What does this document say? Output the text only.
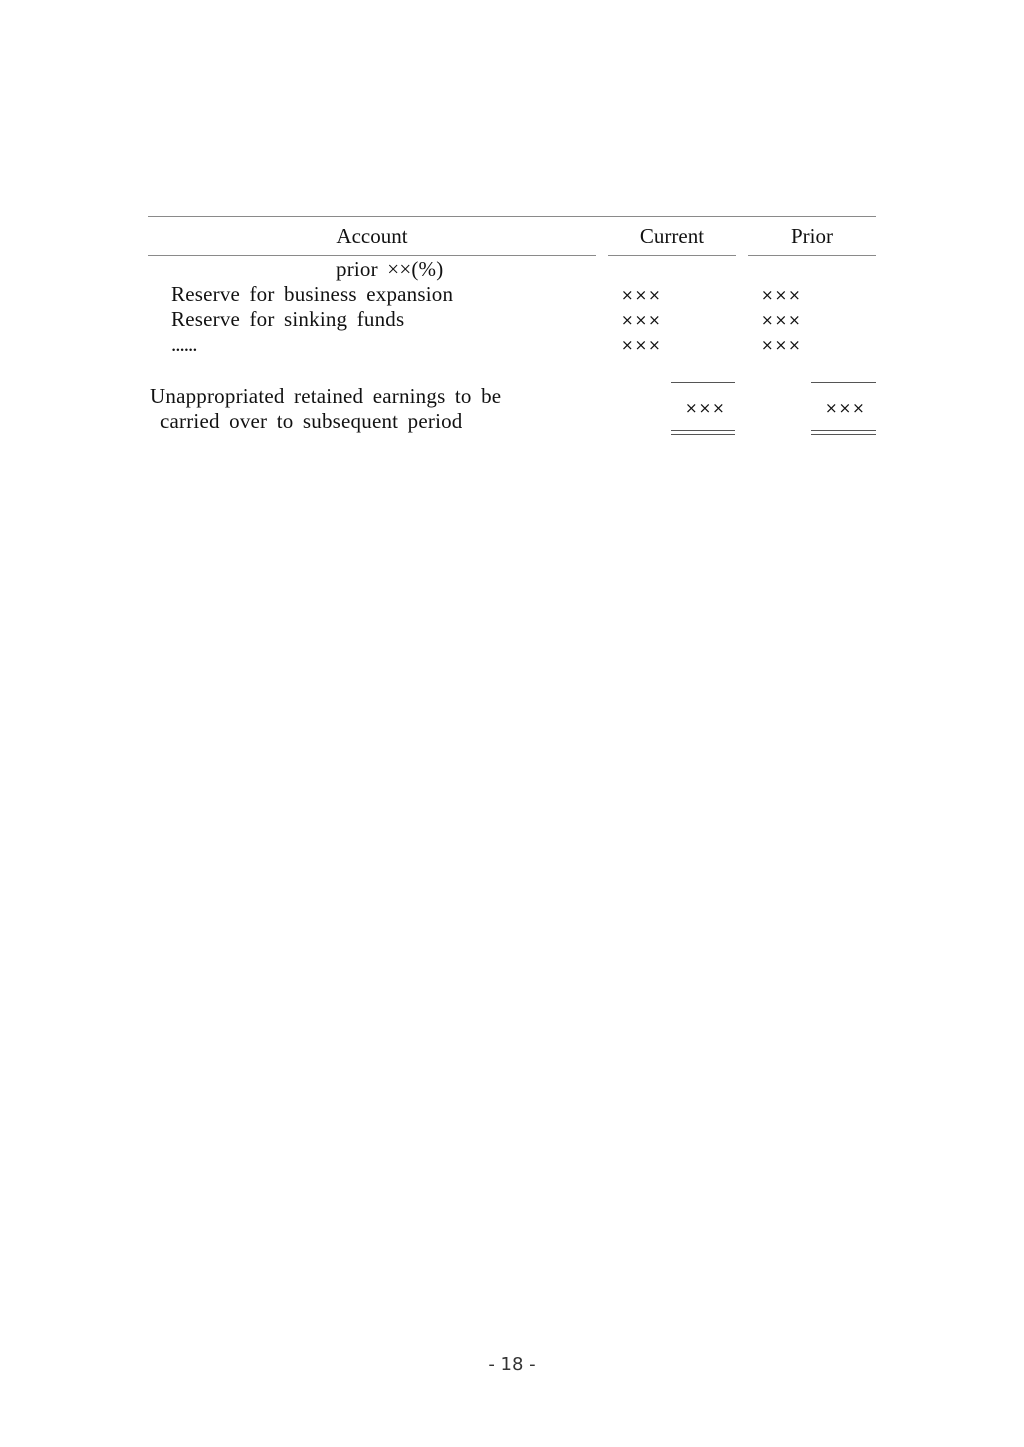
Account	Current	Prior
prior ××(%)
Reserve for business expansion	×××	×××
Reserve for sinking funds	×××	×××
......	×××	×××
Unappropriated retained earnings to be
carried over to subsequent period
×××	×××
- 18 -
